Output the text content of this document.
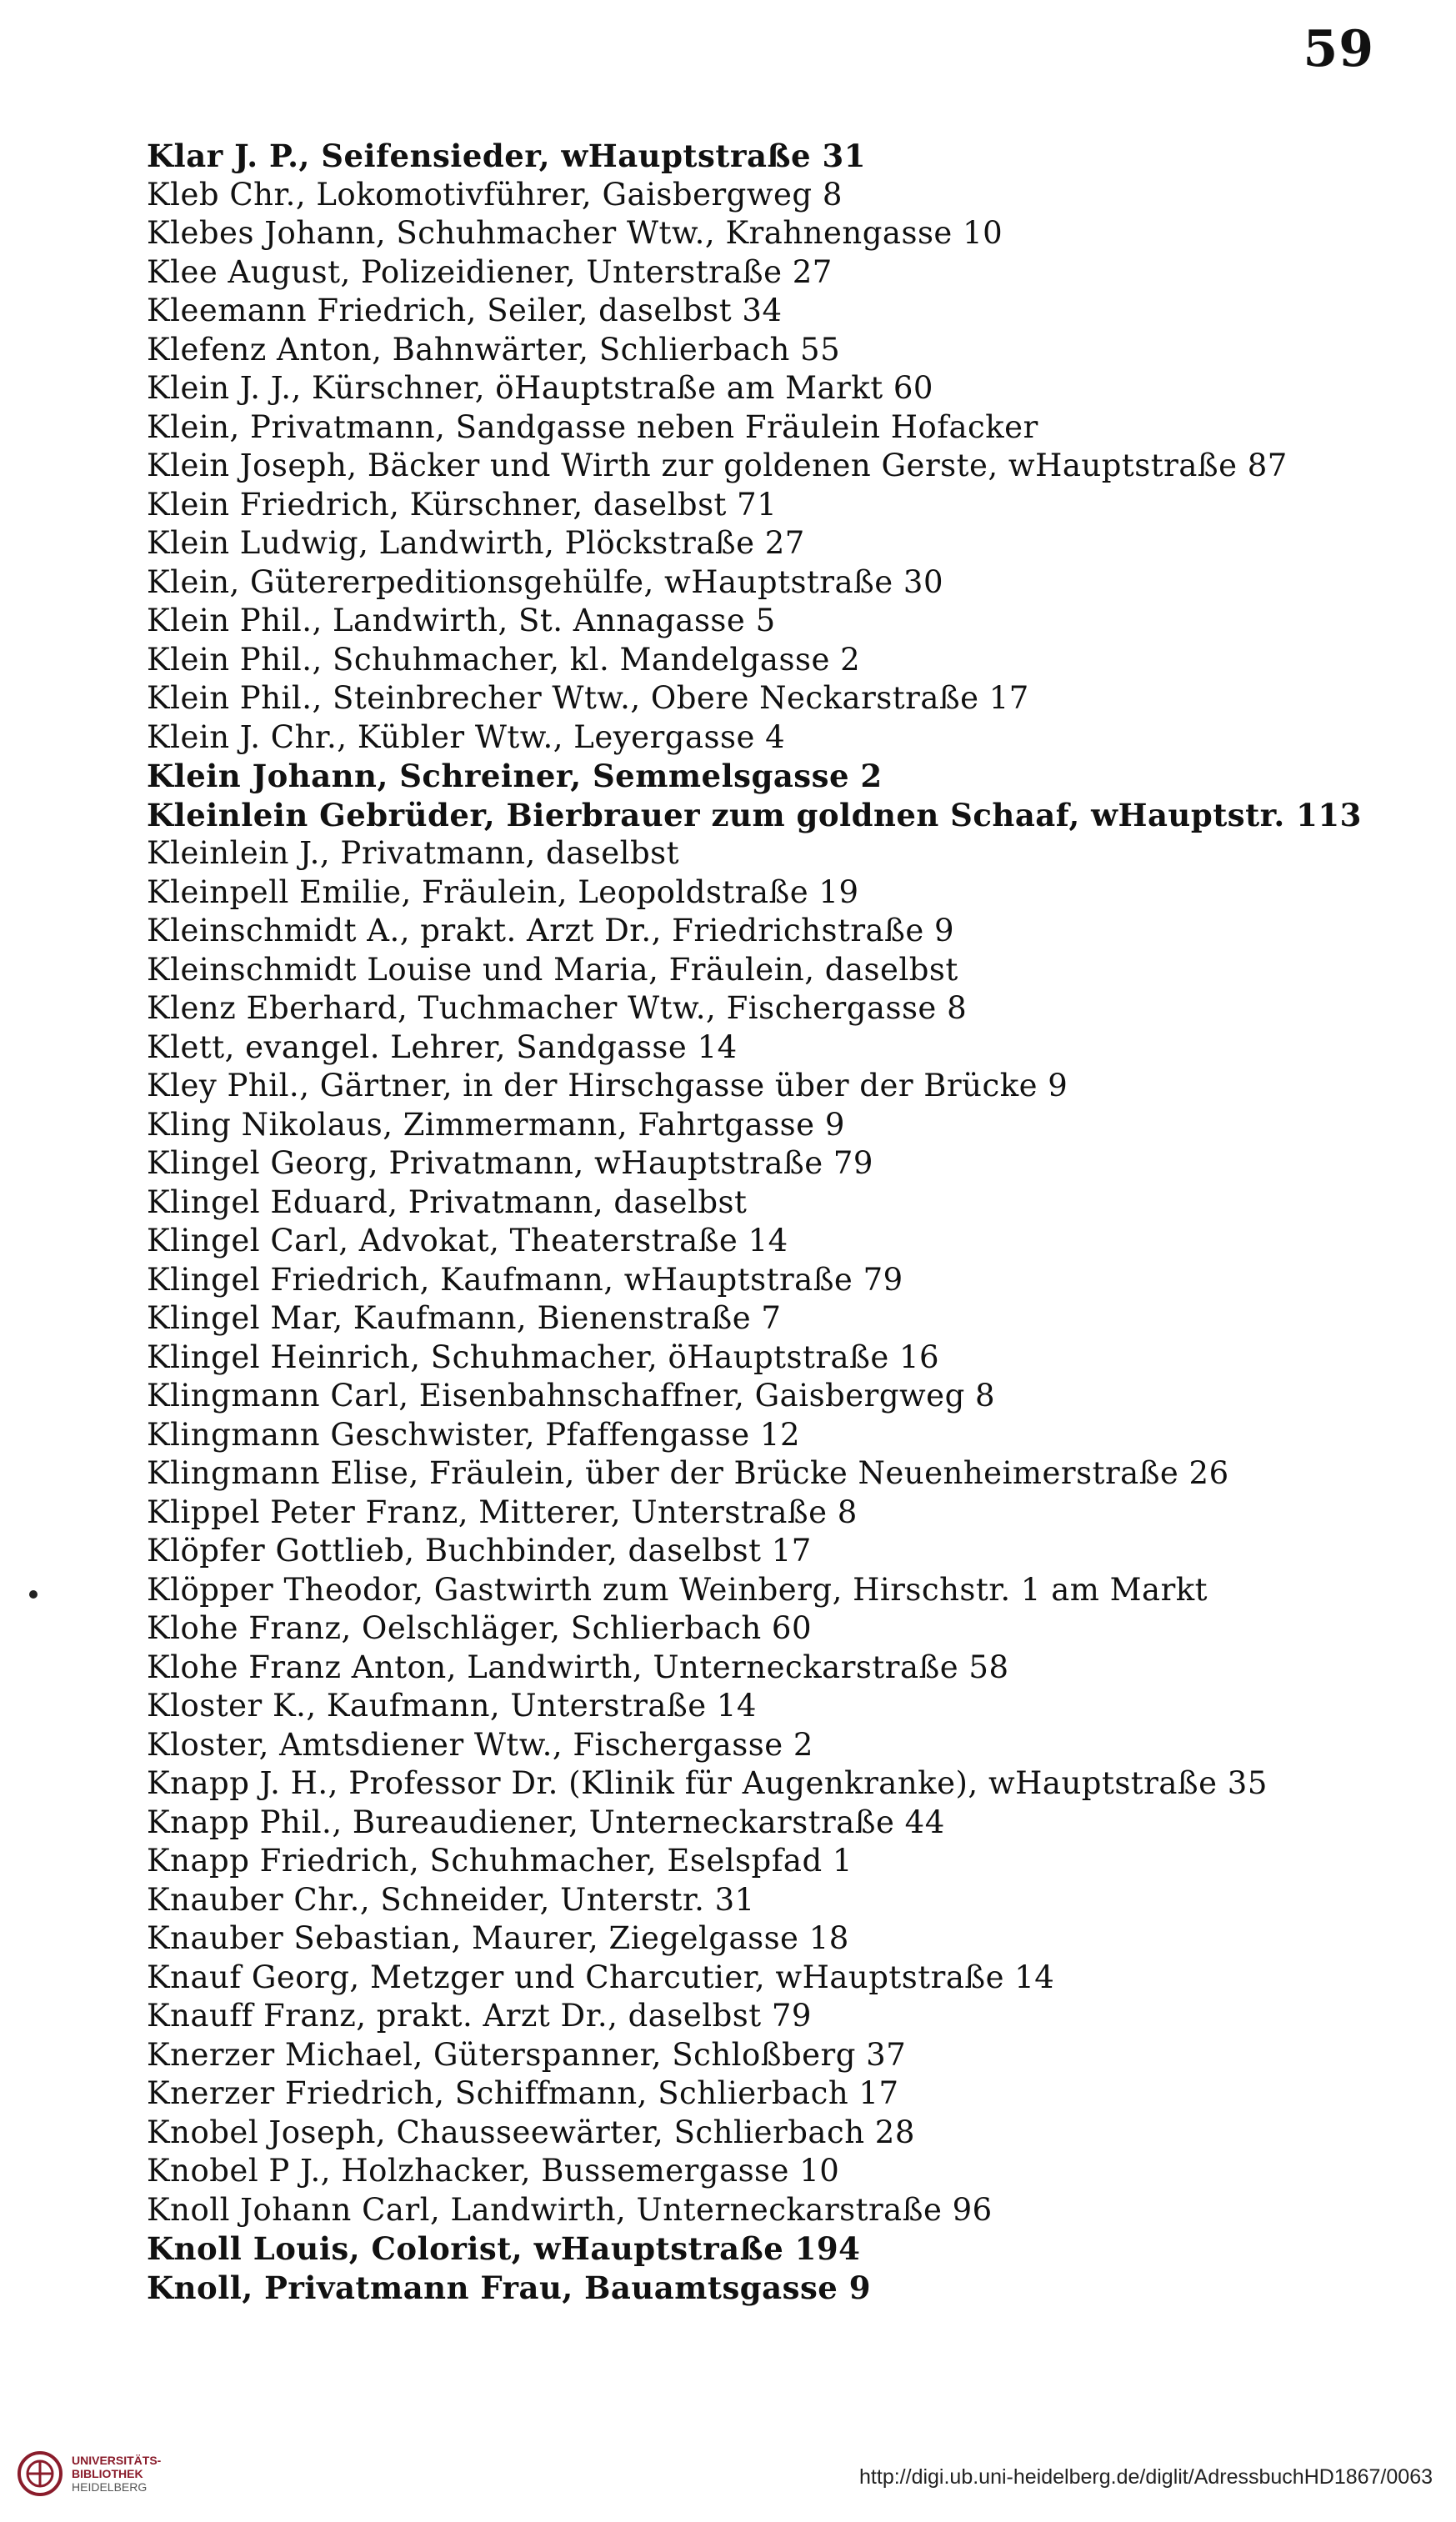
59
Klar J. P., Seifensieder, wHauptstraße 31
Kleb Chr., Lokomotivführer, Gaisbergweg 8
Klebes Johann, Schuhmacher Wtw., Krahnengasse 10
Klee August, Polizeidiener, Unterstraße 27
Kleemann Friedrich, Seiler, daselbst 34
Klefenz Anton, Bahnwärter, Schlierbach 55
Klein J. J., Kürschner, öHauptstraße am Markt 60
Klein, Privatmann, Sandgasse neben Fräulein Hofacker
Klein Joseph, Bäcker und Wirth zur goldenen Gerste, wHauptstraße 87
Klein Friedrich, Kürschner, daselbst 71
Klein Ludwig, Landwirth, Plöckstraße 27
Klein, Gütererpeditionsgehülfe, wHauptstraße 30
Klein Phil., Landwirth, St. Annagasse 5
Klein Phil., Schuhmacher, kl. Mandelgasse 2
Klein Phil., Steinbrecher Wtw., Obere Neckarstraße 17
Klein J. Chr., Kübler Wtw., Leyergasse 4
Klein Johann, Schreiner, Semmelsgasse 2
Kleinlein Gebrüder, Bierbrauer zum goldnen Schaaf, wHauptstr. 113
Kleinlein J., Privatmann, daselbst
Kleinpell Emilie, Fräulein, Leopoldstraße 19
Kleinschmidt A., prakt. Arzt Dr., Friedrichstraße 9
Kleinschmidt Louise und Maria, Fräulein, daselbst
Klenz Eberhard, Tuchmacher Wtw., Fischergasse 8
Klett, evangel. Lehrer, Sandgasse 14
Kley Phil., Gärtner, in der Hirschgasse über der Brücke 9
Kling Nikolaus, Zimmermann, Fahrtgasse 9
Klingel Georg, Privatmann, wHauptstraße 79
Klingel Eduard, Privatmann, daselbst
Klingel Carl, Advokat, Theaterstraße 14
Klingel Friedrich, Kaufmann, wHauptstraße 79
Klingel Mar, Kaufmann, Bienenstraße 7
Klingel Heinrich, Schuhmacher, öHauptstraße 16
Klingmann Carl, Eisenbahnschaffner, Gaisbergweg 8
Klingmann Geschwister, Pfaffengasse 12
Klingmann Elise, Fräulein, über der Brücke Neuenheimerstraße 26
Klippel Peter Franz, Mitterer, Unterstraße 8
Klöpfer Gottlieb, Buchbinder, daselbst 17
Klöpper Theodor, Gastwirth zum Weinberg, Hirschstr. 1 am Markt
Klohe Franz, Oelschläger, Schlierbach 60
Klohe Franz Anton, Landwirth, Unterneckarstraße 58
Kloster K., Kaufmann, Unterstraße 14
Kloster, Amtsdiener Wtw., Fischergasse 2
Knapp J. H., Professor Dr. (Klinik für Augenkranke), wHauptstraße 35
Knapp Phil., Bureaudiener, Unterneckarstraße 44
Knapp Friedrich, Schuhmacher, Eselspfad 1
Knauber Chr., Schneider, Unterstr. 31
Knauber Sebastian, Maurer, Ziegelgasse 18
Knauf Georg, Metzger und Charcutier, wHauptstraße 14
Knauff Franz, prakt. Arzt Dr., daselbst 79
Knerzer Michael, Güterspanner, Schloßberg 37
Knerzer Friedrich, Schiffmann, Schlierbach 17
Knobel Joseph, Chausseewärter, Schlierbach 28
Knobel P J., Holzhacker, Bussemergasse 10
Knoll Johann Carl, Landwirth, Unterneckarstraße 96
Knoll Louis, Colorist, wHauptstraße 194
Knoll, Privatmann Frau, Bauamtsgasse 9
UNIVERSITÄTS-
BIBLIOTHEK
HEIDELBERG	http://digi.ub.uni-heidelberg.de/diglit/AdressbuchHD1867/0063
